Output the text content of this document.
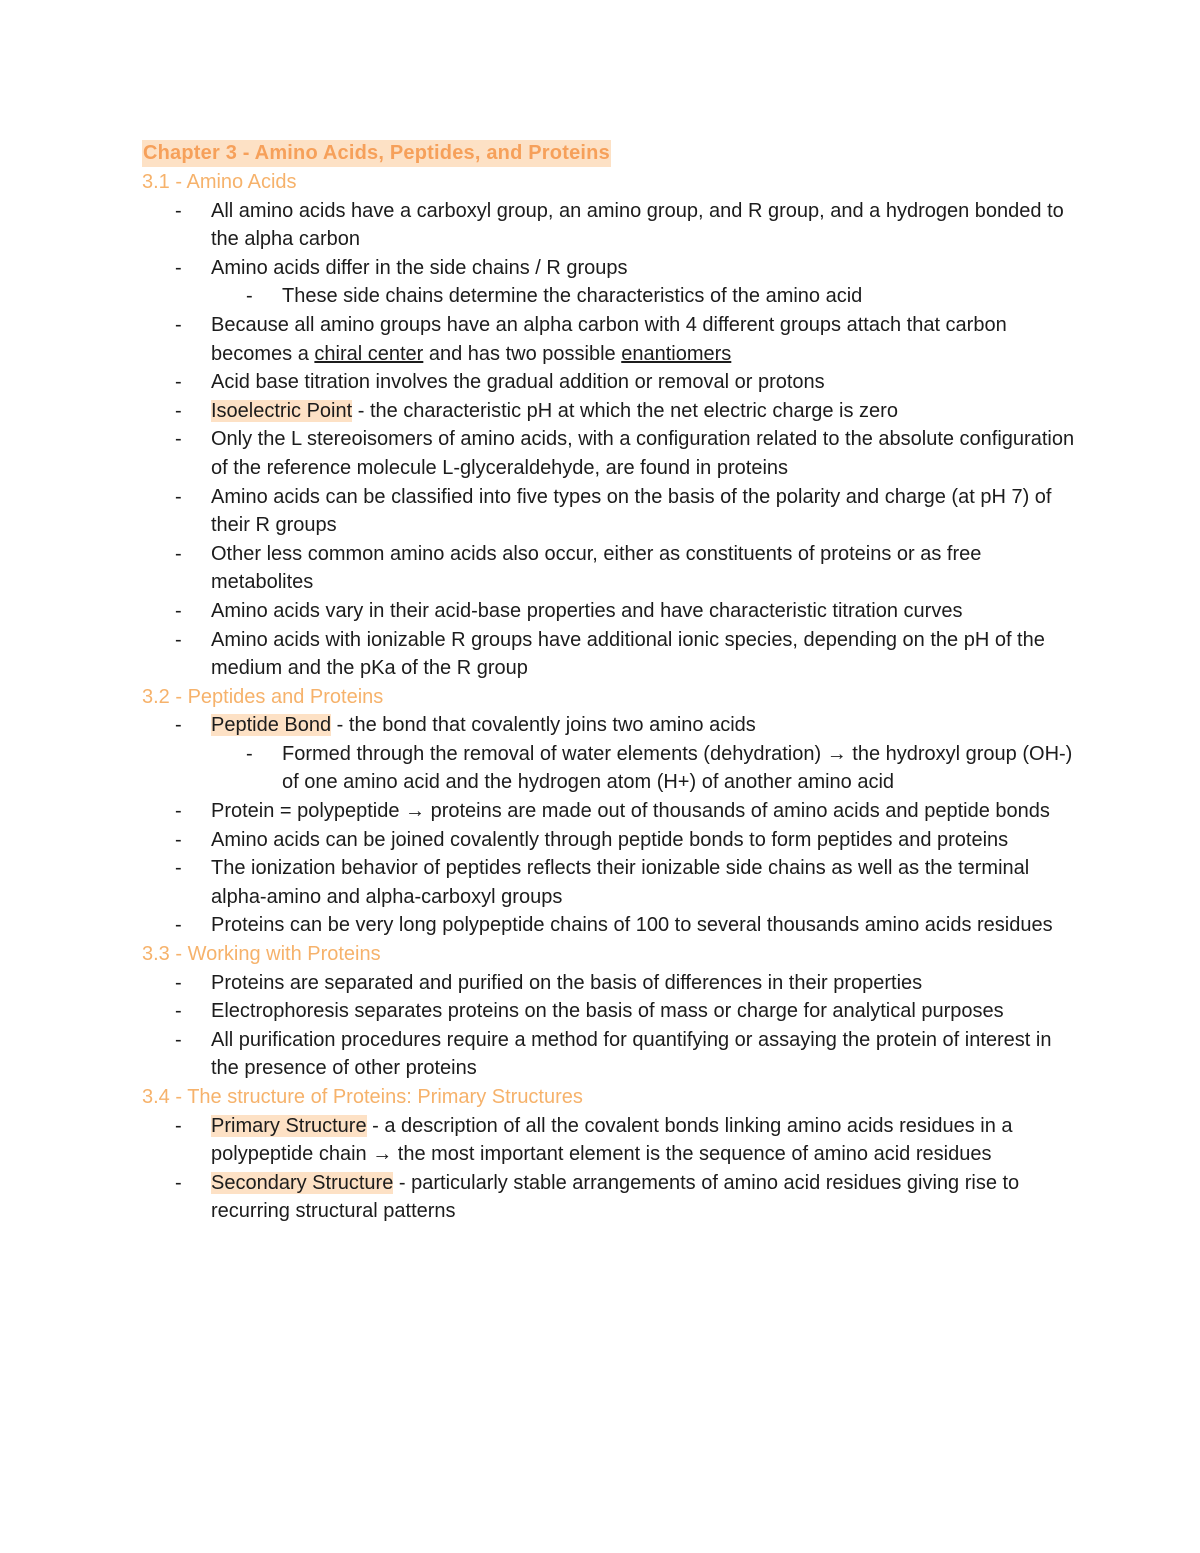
Chapter 3 - Amino Acids, Peptides, and Proteins
3.1 - Amino Acids
- All amino acids have a carboxyl group, an amino group, and R group, and a hydrogen bonded to the alpha carbon
- Amino acids differ in the side chains / R groups
- These side chains determine the characteristics of the amino acid
- Because all amino groups have an alpha carbon with 4 different groups attach that carbon becomes a chiral center and has two possible enantiomers
- Acid base titration involves the gradual addition or removal or protons
- Isoelectric Point - the characteristic pH at which the net electric charge is zero
- Only the L stereoisomers of amino acids, with a configuration related to the absolute configuration of the reference molecule L-glyceraldehyde, are found in proteins
- Amino acids can be classified into five types on the basis of the polarity and charge (at pH 7) of their R groups
- Other less common amino acids also occur, either as constituents of proteins or as free metabolites
- Amino acids vary in their acid-base properties and have characteristic titration curves
- Amino acids with ionizable R groups have additional ionic species, depending on the pH of the medium and the pKa of the R group
3.2 - Peptides and Proteins
- Peptide Bond - the bond that covalently joins two amino acids
- Formed through the removal of water elements (dehydration) → the hydroxyl group (OH-) of one amino acid and the hydrogen atom (H+) of another amino acid
- Protein = polypeptide → proteins are made out of thousands of amino acids and peptide bonds
- Amino acids can be joined covalently through peptide bonds to form peptides and proteins
- The ionization behavior of peptides reflects their ionizable side chains as well as the terminal alpha-amino and alpha-carboxyl groups
- Proteins can be very long polypeptide chains of 100 to several thousands amino acids residues
3.3 - Working with Proteins
- Proteins are separated and purified on the basis of differences in their properties
- Electrophoresis separates proteins on the basis of mass or charge for analytical purposes
- All purification procedures require a method for quantifying or assaying the protein of interest in the presence of other proteins
3.4 - The structure of Proteins: Primary Structures
- Primary Structure - a description of all the covalent bonds linking amino acids residues in a polypeptide chain → the most important element is the sequence of amino acid residues
- Secondary Structure - particularly stable arrangements of amino acid residues giving rise to recurring structural patterns
